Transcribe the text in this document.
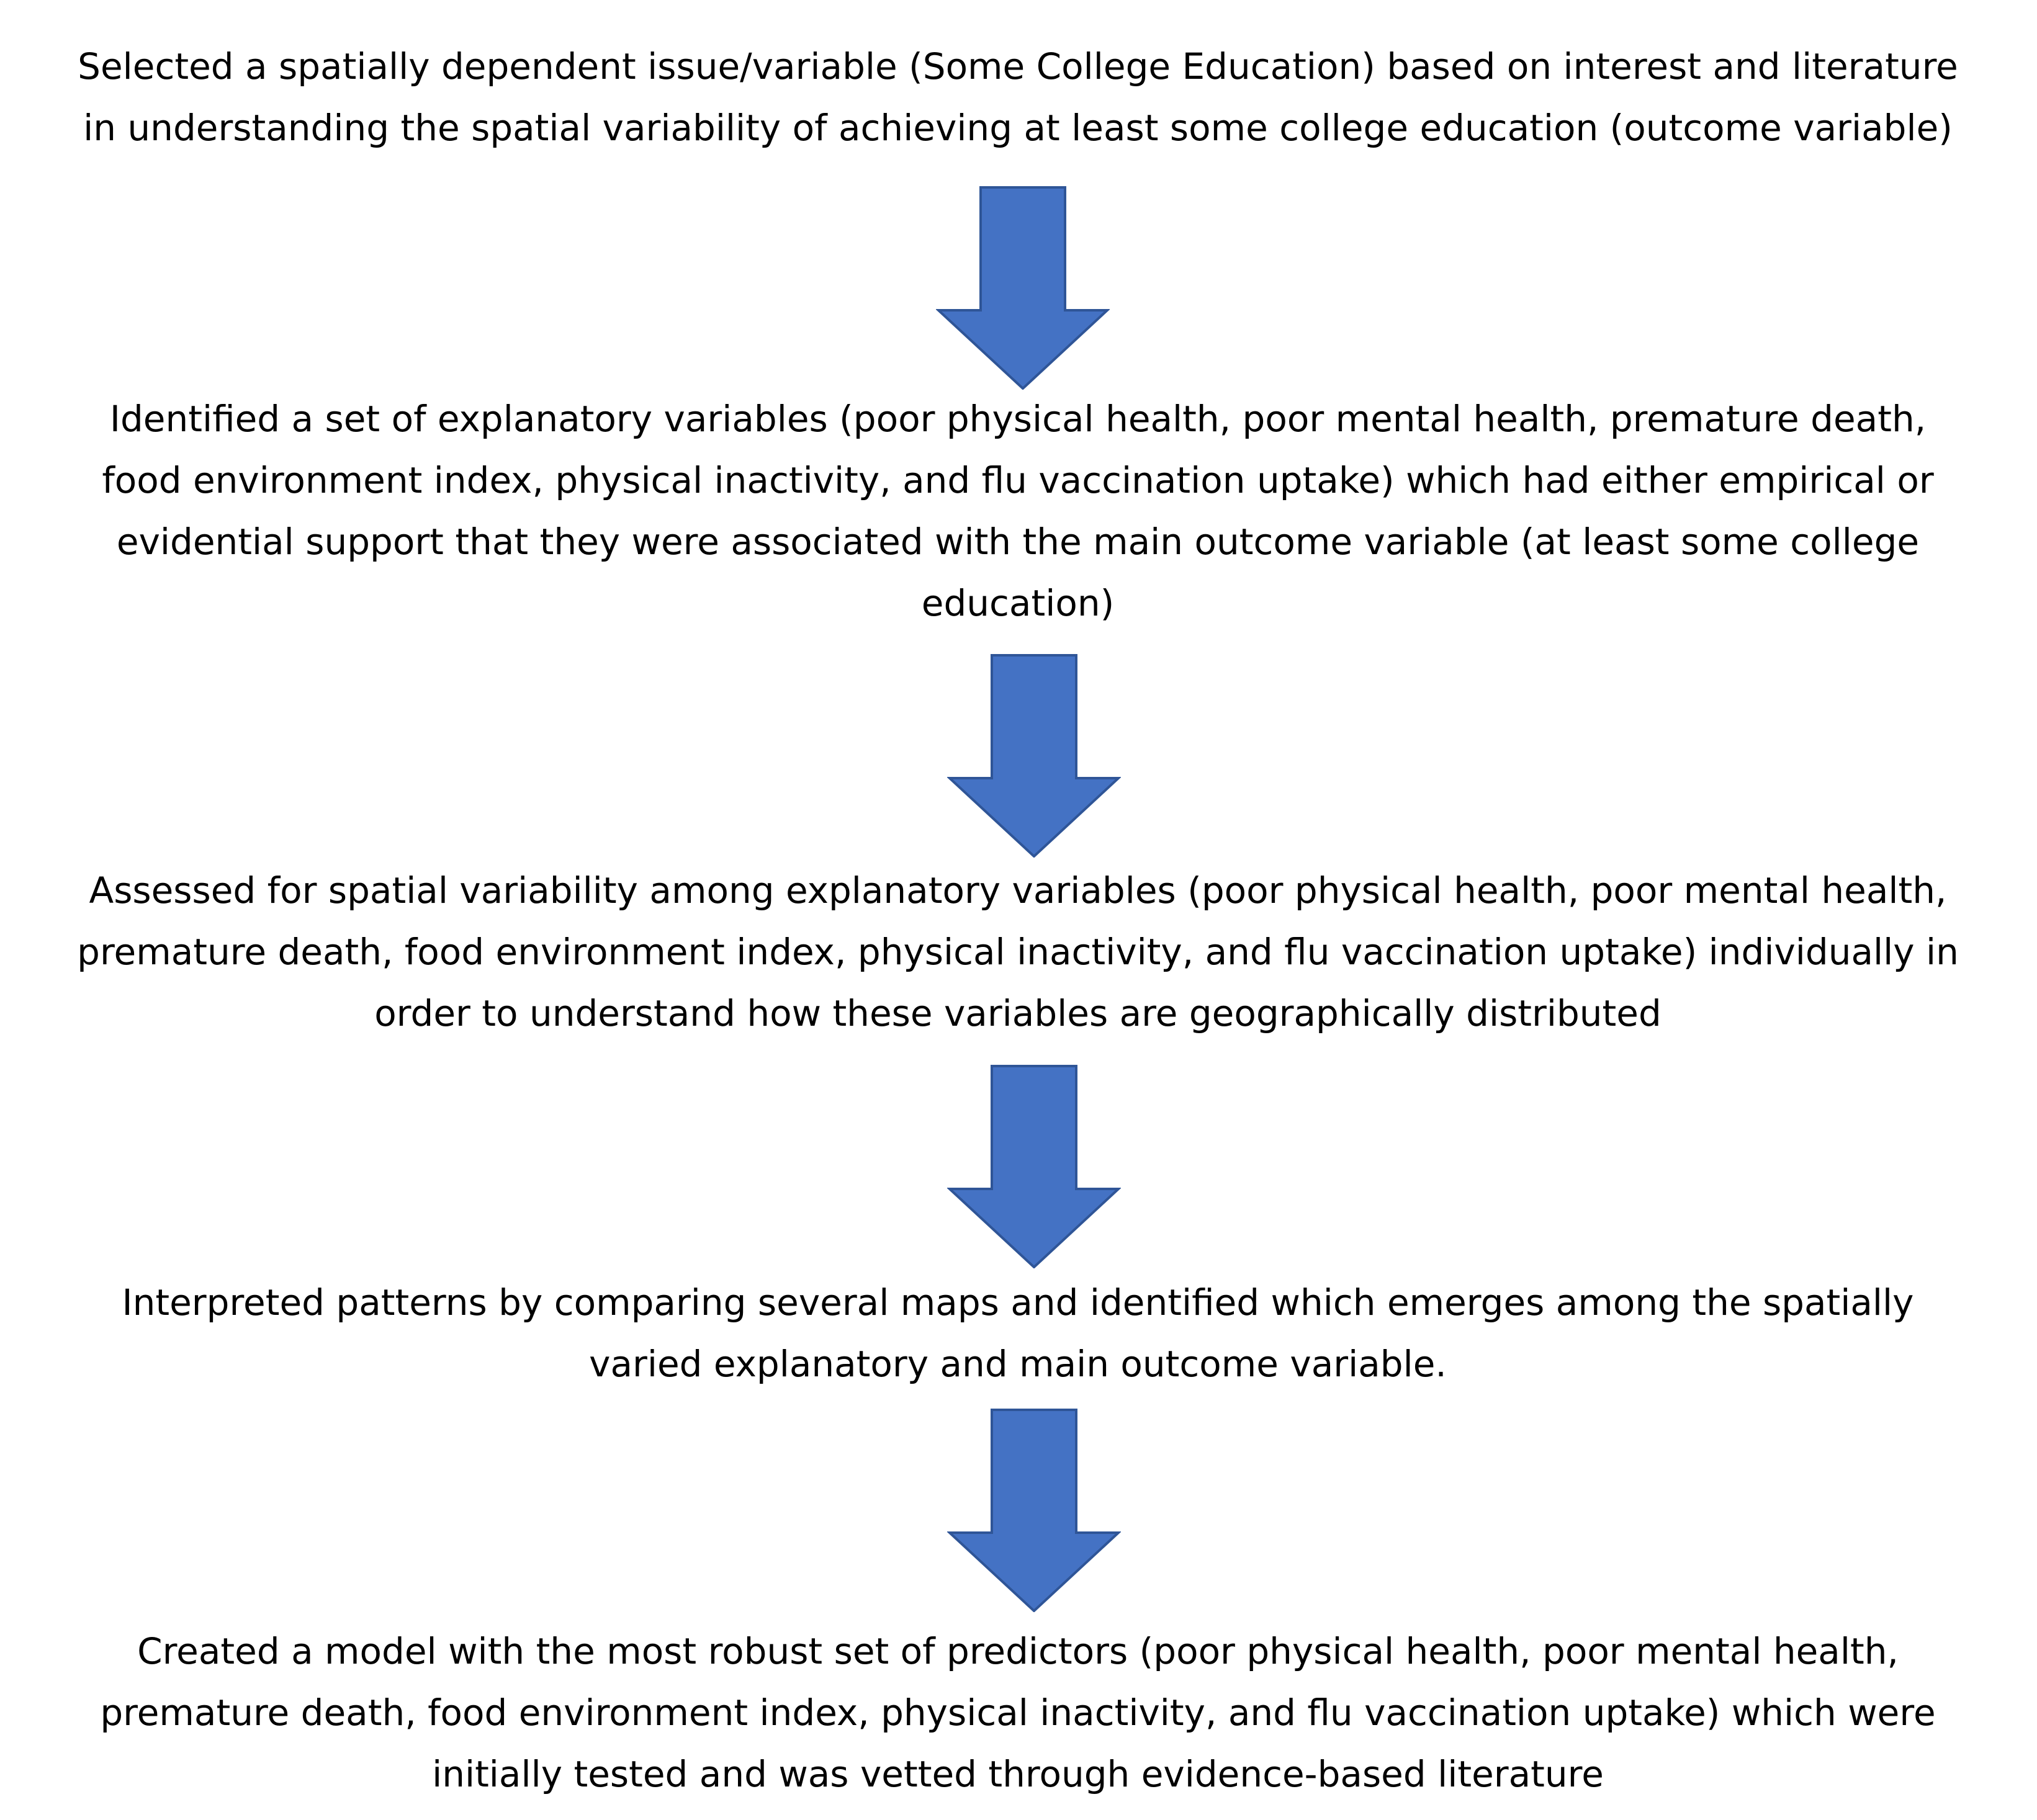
Selected a spatially dependent issue/variable (Some College Education) based on interest and literature
in understanding the spatial variability of achieving at least some college education (outcome variable)
Identified a set of explanatory variables (poor physical health, poor mental health, premature death,
food environment index, physical inactivity, and flu vaccination uptake) which had either empirical or
evidential support that they were associated with the main outcome variable (at least some college
education)
Assessed for spatial variability among explanatory variables (poor physical health, poor mental health,
premature death, food environment index, physical inactivity, and flu vaccination uptake) individually in
order to understand how these variables are geographically distributed
Interpreted patterns by comparing several maps and identified which emerges among the spatially
varied explanatory and main outcome variable.
Created a model with the most robust set of predictors (poor physical health, poor mental health,
premature death, food environment index, physical inactivity, and flu vaccination uptake) which were
initially tested and was vetted through evidence-based literature
